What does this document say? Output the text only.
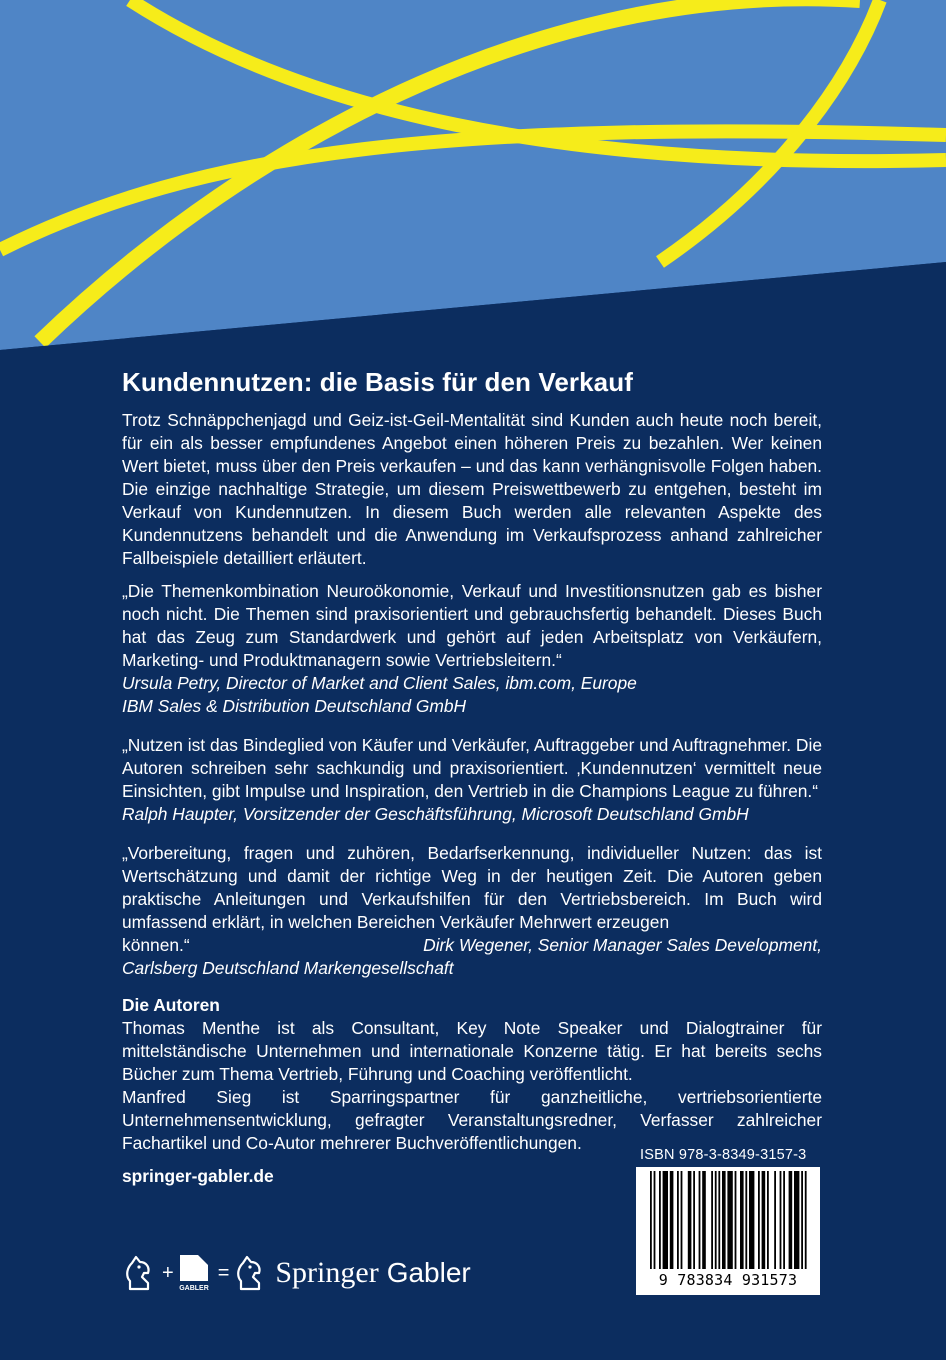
Kundennutzen: die Basis für den Verkauf

Trotz Schnäppchenjagd und Geiz-ist-Geil-Mentalität sind Kunden auch heute noch bereit, für ein als besser empfundenes Angebot einen höheren Preis zu bezahlen. Wer keinen Wert bietet, muss über den Preis verkaufen – und das kann verhängnisvolle Folgen haben. Die einzige nachhaltige Strategie, um diesem Preiswettbewerb zu entgehen, besteht im Verkauf von Kundennutzen. In diesem Buch werden alle relevanten Aspekte des Kundennutzens behandelt und die Anwendung im Verkaufsprozess anhand zahlreicher Fallbeispiele detailliert erläutert.

„Die Themenkombination Neuroökonomie, Verkauf und Investitionsnutzen gab es bisher noch nicht. Die Themen sind praxisorientiert und gebrauchsfertig behandelt. Dieses Buch hat das Zeug zum Standardwerk und gehört auf jeden Arbeitsplatz von Verkäufern, Marketing- und Produktmanagern sowie Vertriebsleitern.“

Ursula Petry, Director of Market and Client Sales, ibm.com, Europe

IBM Sales & Distribution Deutschland GmbH

„Nutzen ist das Bindeglied von Käufer und Verkäufer, Auftraggeber und Auftragnehmer. Die Autoren schreiben sehr sachkundig und praxisorientiert. ‚Kundennutzen‘ vermittelt neue Einsichten, gibt Impulse und Inspiration, den Vertrieb in die Champions League zu führen.“

Ralph Haupter, Vorsitzender der Geschäftsführung, Microsoft Deutschland GmbH

„Vorbereitung, fragen und zuhören, Bedarfserkennung, individueller Nutzen: das ist Wertschätzung und damit der richtige Weg in der heutigen Zeit. Die Autoren geben praktische Anleitungen und Verkaufshilfen für den Vertriebsbereich. Im Buch wird umfassend erklärt, in welchen Bereichen Verkäufer Mehrwert erzeugen

können.“	Dirk Wegener, Senior Manager Sales Development,

Carlsberg Deutschland Markengesellschaft

Die Autoren

Thomas Menthe ist als Consultant, Key Note Speaker und Dialogtrainer für mittelständische Unternehmen und internationale Konzerne tätig. Er hat bereits sechs Bücher zum Thema Vertrieb, Führung und Coaching veröffentlicht.

Manfred Sieg ist Sparringspartner für ganzheitliche, vertriebsorientierte Unternehmensentwicklung, gefragter Veranstaltungsredner, Verfasser zahlreicher Fachartikel und Co-Autor mehrerer Buchveröffentlichungen.

springer-gabler.de
ISBN 978-3-8349-3157-3
9 783834 931573
+
GABLER
= Springer Gabler
